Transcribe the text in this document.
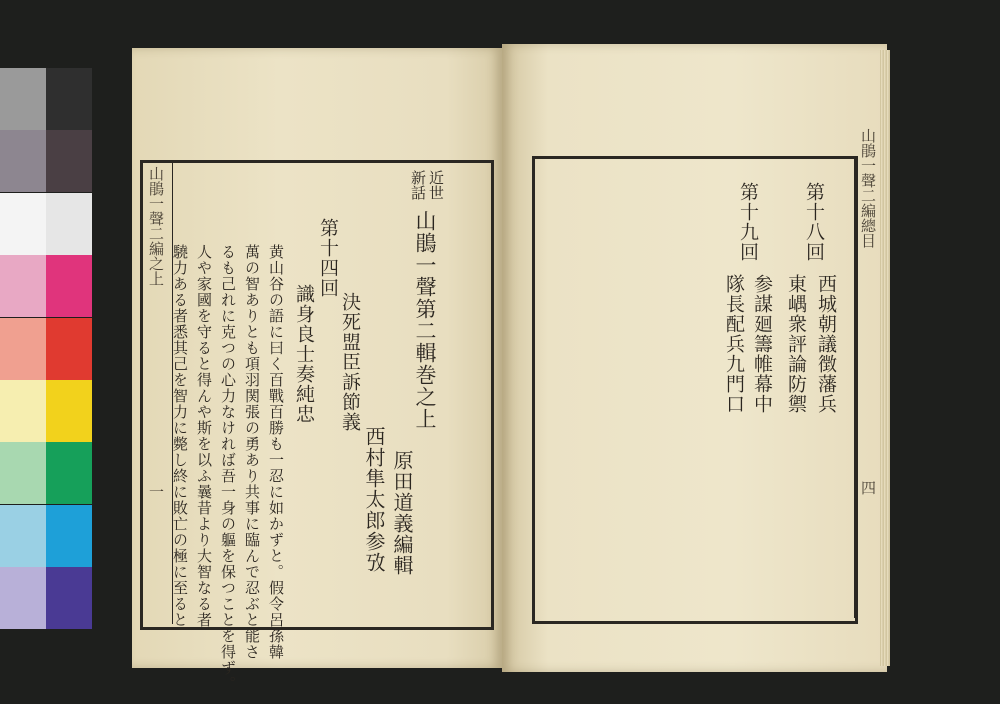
山鵑一聲二編之上
一
近世
新話
山鵑一聲第二輯巻之上
第十四回
識身良士奏純忠 決死盟臣訴節義
原田道義編輯
西村隼太郎参攷
黄山谷の語に曰く百戰百勝も一忍に如かずと。假令呂孫韓
萬の智ありとも項羽関張の勇あり共事に臨んで忍ぶと能さ
るも己れに克つの心力なければ吾一身の軀を保つことを得ず。
人や家國を守ると得んや斯を以ふ曩昔より大智なる者
驍力ある者悉其己を智力に斃し終に敗亡の極に至ると
山鵑一聲二編總目
四
第十八回
西城朝議徴藩兵
東嵎衆評論防禦
第十九回
参謀廻籌帷幕中
隊長配兵九門口
